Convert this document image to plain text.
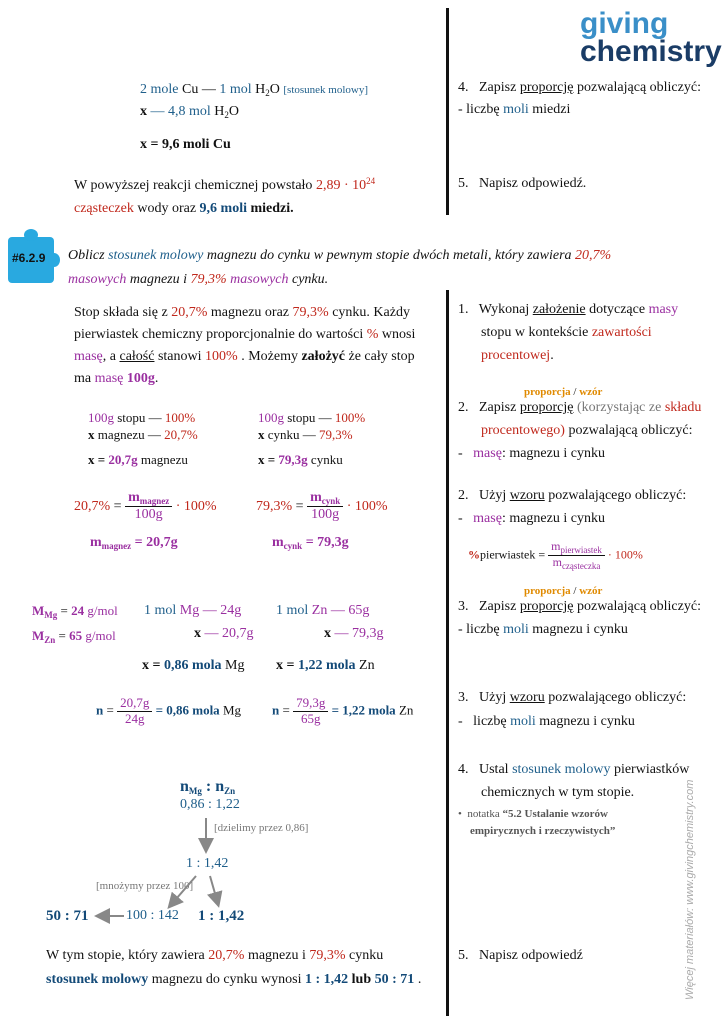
giving
chemistry
Więcej materiałów: www.givingchemistry.com
2 mole Cu — 1 mol $H_2O$ [stosunek molowy]
x — 4,8 mol $H_2O$
x = 9,6 moli Cu
W powyższej reakcji chemicznej powstało $2,89 \cdot 10^{24}$
cząsteczek wody oraz 9,6 moli miedzi.
4. Zapisz proporcję pozwalającą obliczyć:
- liczbę moli miedzi
5. Napisz odpowiedź.
#6.2.9 Oblicz stosunek molowy magnezu do cynku w pewnym stopie dwóch metali, który zawiera 20,7%
masowych magnezu i 79,3% masowych cynku.
Stop składa się z 20,7% magnezu oraz 79,3% cynku. Każdy
pierwiastek chemiczny proporcjonalnie do wartości % wnosi
masę, a całość stanowi 100% . Możemy założyć że cały stop
ma masę 100g.
100g stopu — 100%
x magnezu — 20,7%
x = 20,7g magnezu
100g stopu — 100%
x cynku — 79,3%
x = 79,3g cynku
$20,7\% = \frac{m_{magnez}}{100g} \cdot 100\%$	$79,3\% = \frac{m_{cynk}}{100g} \cdot 100\%$
$m_{magnez} = 20,7g$	$m_{cynk} = 79,3g$
$M_{Mg} = 24$ g/mol
$M_{Zn} = 65$ g/mol
1 mol Mg — 24g
x — 20,7g
1 mol Zn — 65g
x — 79,3g
x = 0,86 mola Mg x = 1,22 mola Zn
$n = \frac{20,7g}{24g} = 0,86$ mola Mg $n = \frac{79,3g}{65g} = 1,22$ mola Zn
$n_{Mg}$ : $n_{Zn}$
0,86 : 1,22
[dzielimy przez 0,86]
1 : 1,42
[mnożymy przez 100]
50 : 71	100 : 142 1 : 1,42
W tym stopie, który zawiera 20,7% magnezu i 79,3% cynku
stosunek molowy magnezu do cynku wynosi 1 : 1,42 lub 50 : 71 .
1. Wykonaj założenie dotyczące masy
stopu w kontekście zawartości
procentowej.
proporcja / wzór
2. Zapisz proporcję (korzystając ze składu
procentowego) pozwalającą obliczyć:
- masę: magnezu i cynku
2. Użyj wzoru pozwalającego obliczyć:
- masę: magnezu i cynku
%pierwiastek = $\frac{m_{pierwiastek}}{m_{cząsteczka}} \cdot 100\%$
proporcja / wzór
3. Zapisz proporcję pozwalającą obliczyć:
- liczbę moli magnezu i cynku
3. Użyj wzoru pozwalającego obliczyć:
- liczbę moli magnezu i cynku
4. Ustal stosunek molowy pierwiastków
chemicznych w tym stopie.
• notatka “5.2 Ustalanie wzorów
empirycznych i rzeczywistych”
5. Napisz odpowiedź
